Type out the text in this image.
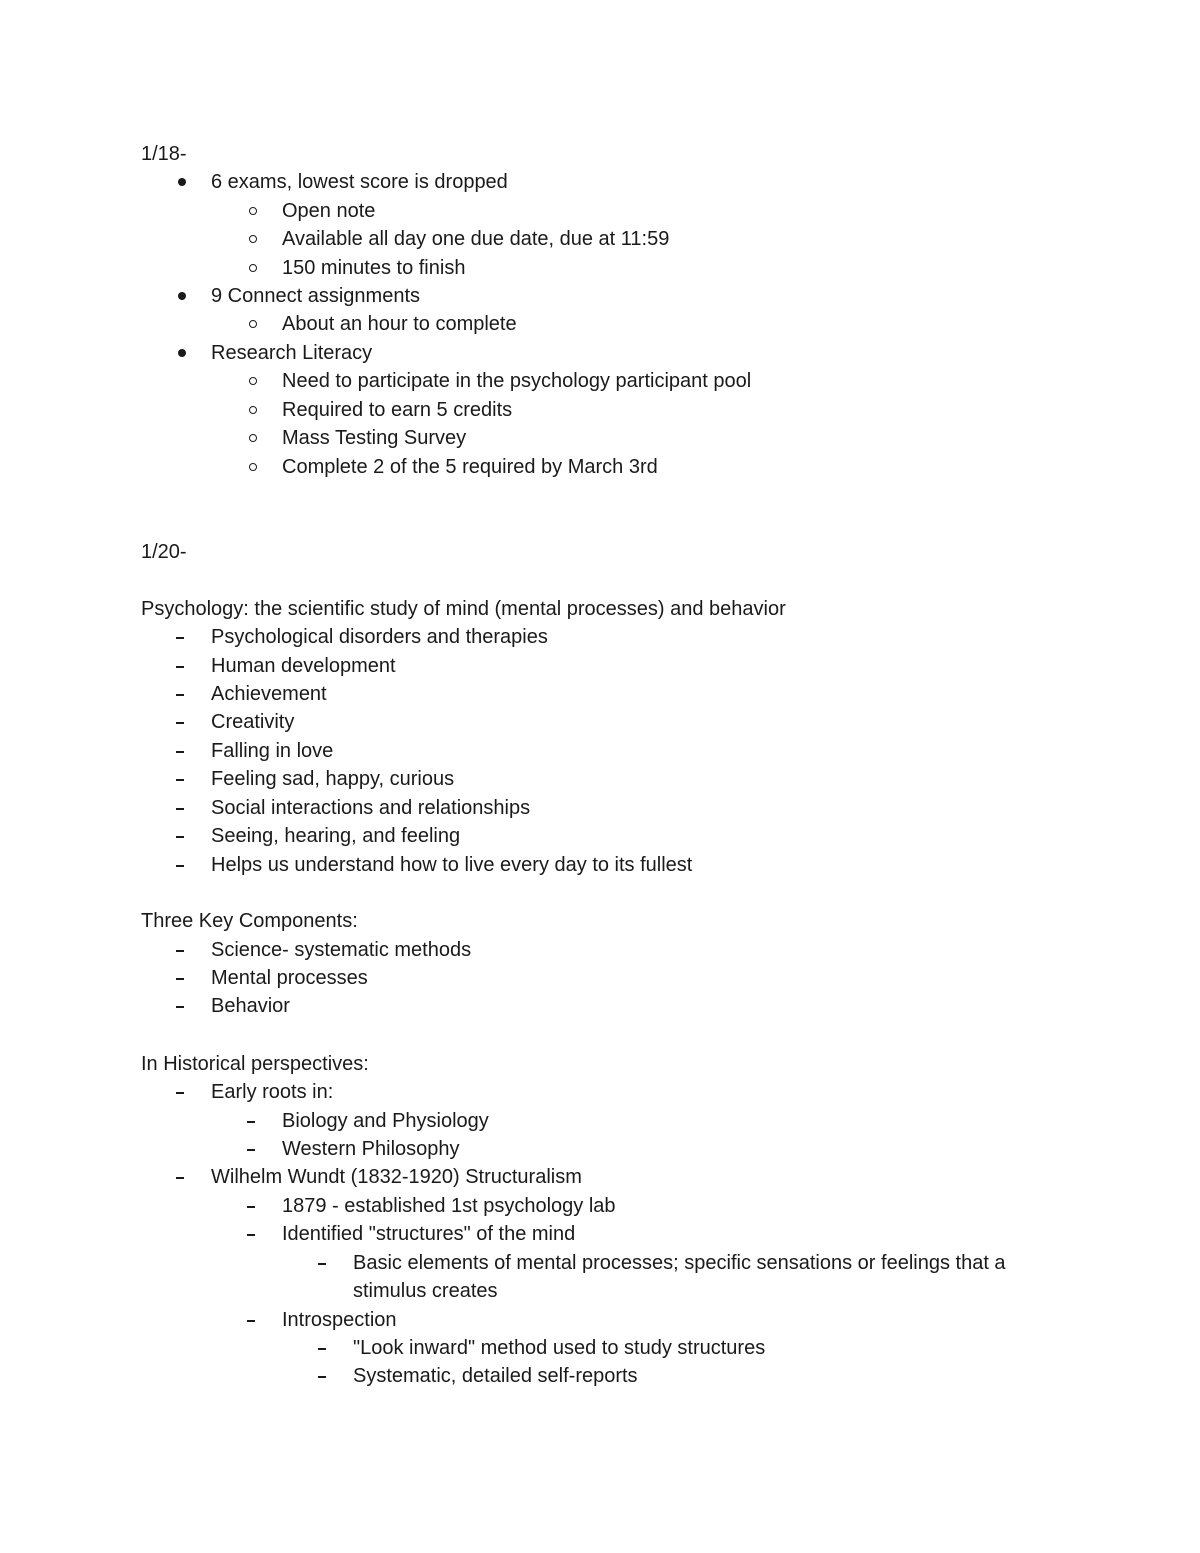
1/18-
6 exams, lowest score is dropped
Open note
Available all day one due date, due at 11:59
150 minutes to finish
9 Connect assignments
About an hour to complete
Research Literacy
Need to participate in the psychology participant pool
Required to earn 5 credits
Mass Testing Survey
Complete 2 of the 5 required by March 3rd
1/20-
Psychology: the scientific study of mind (mental processes) and behavior
Psychological disorders and therapies
Human development
Achievement
Creativity
Falling in love
Feeling sad, happy, curious
Social interactions and relationships
Seeing, hearing, and feeling
Helps us understand how to live every day to its fullest
Three Key Components:
Science- systematic methods
Mental processes
Behavior
In Historical perspectives:
Early roots in:
Biology and Physiology
Western Philosophy
Wilhelm Wundt (1832-1920) Structuralism
1879 - established 1st psychology lab
Identified "structures" of the mind
Basic elements of mental processes; specific sensations or feelings that a
stimulus creates
Introspection
"Look inward" method used to study structures
Systematic, detailed self-reports
